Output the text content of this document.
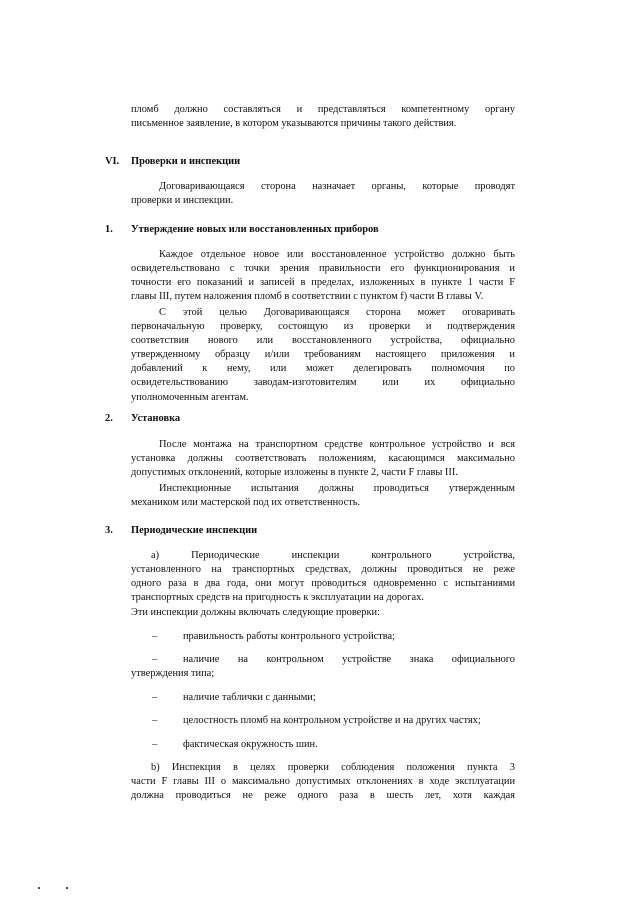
пломб должно составляться и представляться компетентному органу

письменное заявление, в котором указываются причины такого действия.

VI. Проверки и инспекции

Договаривающаяся сторона назначает органы, которые проводят

проверки и инспекции.

1. Утверждение новых или восстановленных приборов

Каждое отдельное новое или восстановленное устройство должно быть

освидетельствовано с точки зрения правильности его функционирования и

точности его показаний и записей в пределах, изложенных в пункте 1 части F

главы III, путем наложения пломб в соответствии с пунктом f) части В главы V.

С этой целью Договаривающаяся сторона может оговаривать

первоначальную проверку, состоящую из проверки и подтверждения

соответствия нового или восстановленного устройства, официально

утвержденному образцу и/или требованиям настоящего приложения и

добавлений к нему, или может делегировать полномочия по

освидетельствованию заводам-изготовителям или их официально

уполномоченным агентам.

2. Установка

После монтажа на транспортном средстве контрольное устройство и вся

установка должны соответствовать положениям, касающимся максимально

допустимых отклонений, которые изложены в пункте 2, части F главы III.

Инспекционные испытания должны проводиться утвержденным

механиком или мастерской под их ответственность.

3. Периодические инспекции

а) Периодические инспекции контрольного устройства,

установленного на транспортных средствах, должны проводиться не реже

одного раза в два года, они могут проводиться одновременно с испытаниями

транспортных средств на пригодность к эксплуатации на дорогах.

Эти инспекции должны включать следующие проверки:
– правильность работы контрольного устройства;
–	наличие на контрольном устройстве знака официального

утверждения типа;

– наличие таблички с данными;
– целостность пломб на контрольном устройстве и на других частях;
– фактическая окружность шин.

b) Инспекция в целях проверки соблюдения положения пункта 3

части F главы III о максимально допустимых отклонениях в ходе эксплуатации

должна проводиться не реже одного раза в шесть лет, хотя каждая
